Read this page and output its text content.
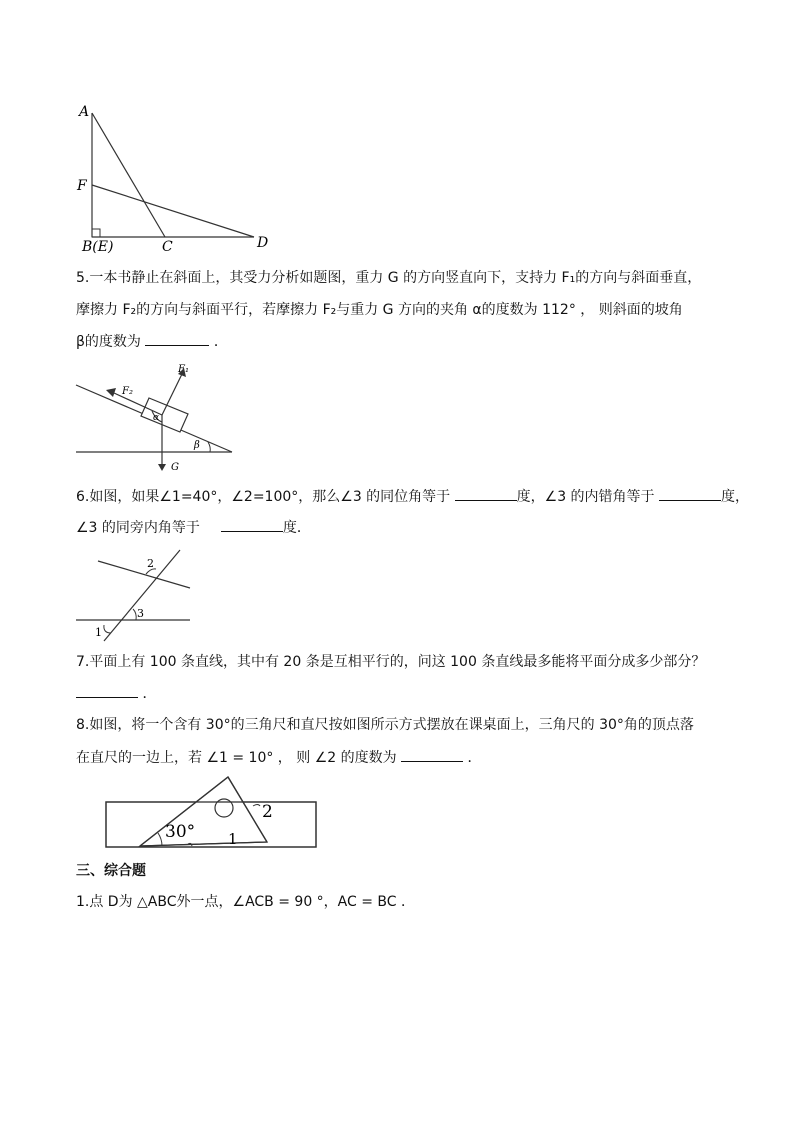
A
F
B(E)	C	D
5.一本书静止在斜面上，其受力分析如题图，重力 G 的方向竖直向下，支持力 F₁的方向与斜面垂直，
摩擦力 F₂的方向与斜面平行，若摩擦力 F₂与重力 G 方向的夹角 α的度数为 112° ， 则斜面的坡角
β的度数为	．
F₁
F₂
α
β
G
6.如图，如果∠1=40°，∠2=100°，那么∠3 的同位角等于	度，∠3 的内错角等于	度，
∠3 的同旁内角等于	度．
2
3
1
7.平面上有 100 条直线，其中有 20 条是互相平行的，问这 100 条直线最多能将平面分成多少部分？
．
8.如图，将一个含有 30°的三角尺和直尺按如图所示方式摆放在课桌面上，三角尺的 30°角的顶点落
在直尺的一边上，若 ∠1 = 10° ， 则 ∠2 的度数为	．
30° 1
2
三、综合题
1.点 D为 △ABC外一点，∠ACB = 90 °，AC = BC ．
